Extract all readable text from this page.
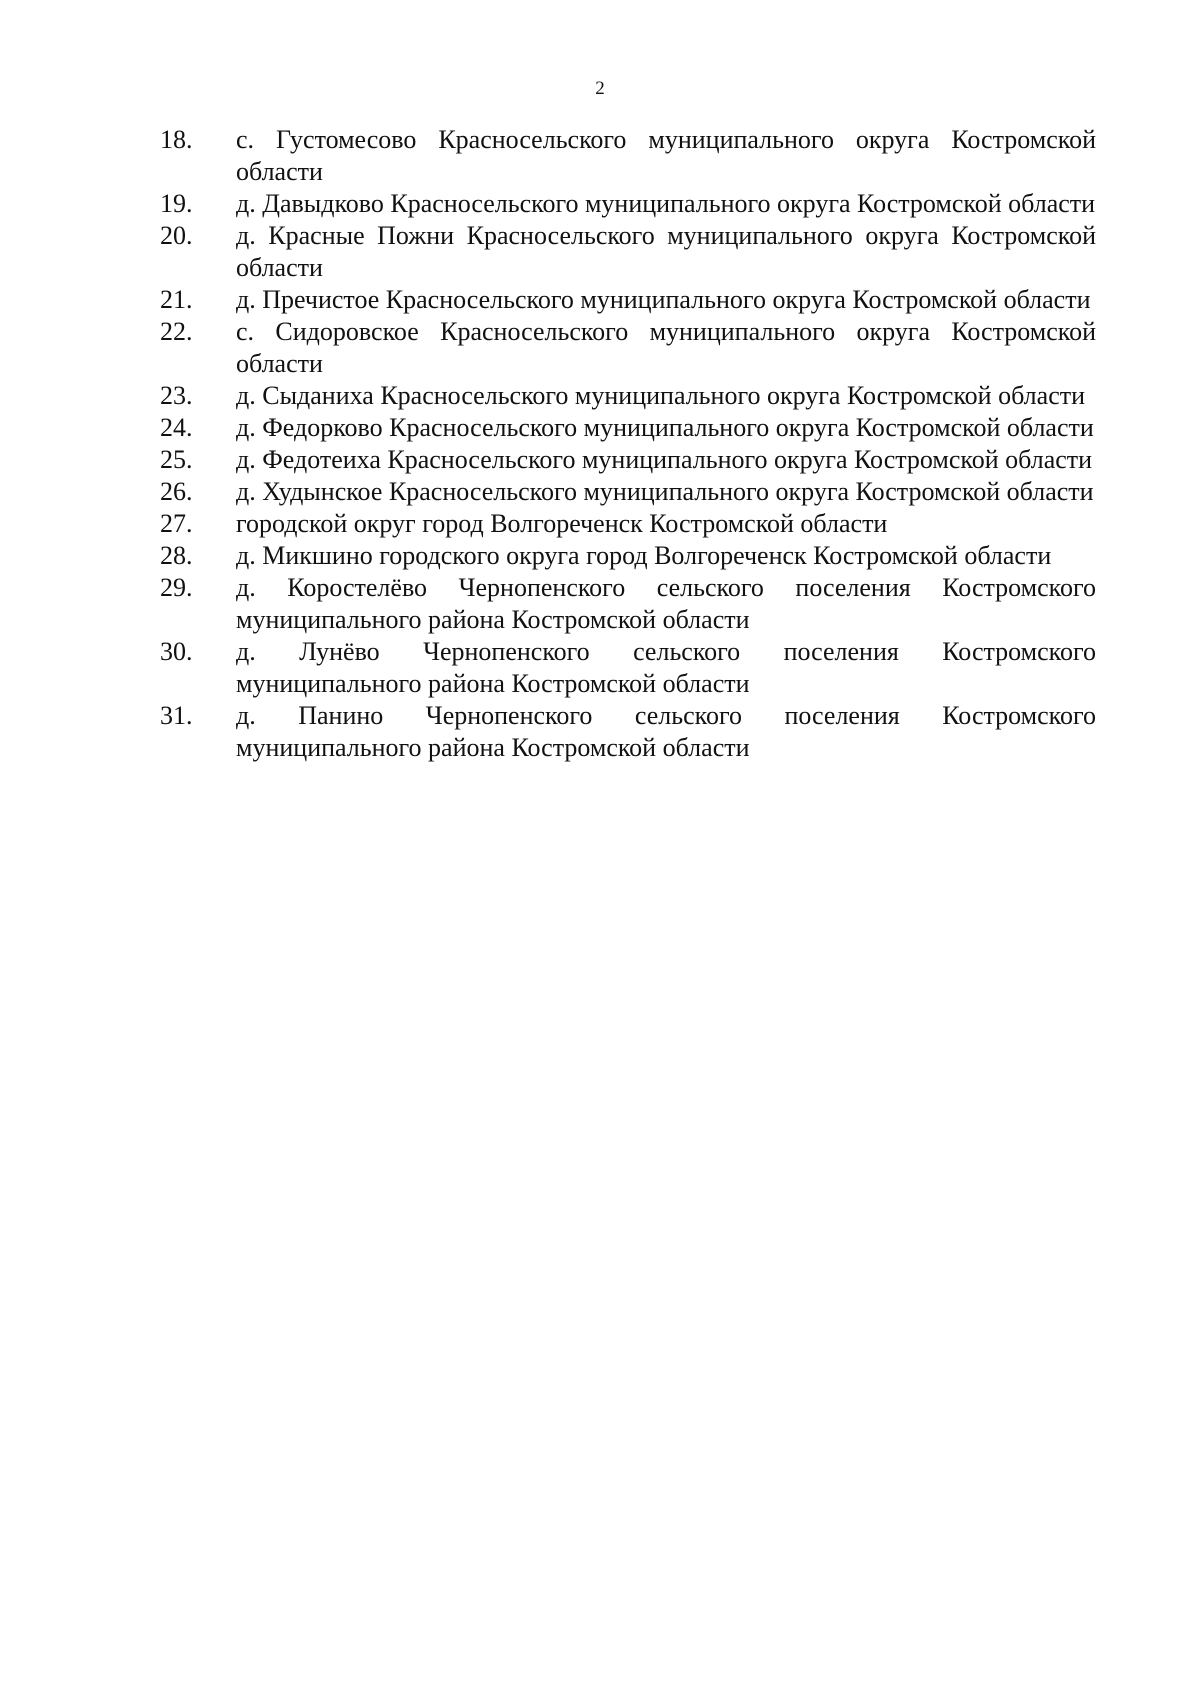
2
18.	с. Густомесово Красносельского муниципального округа Костромской области
19.	д. Давыдково Красносельского муниципального округа Костромской области
20.	д. Красные Пожни Красносельского муниципального округа Костромской области
21.	д. Пречистое Красносельского муниципального округа Костромской области
22.	с. Сидоровское Красносельского муниципального округа Костромской области
23.	д. Сыданиха Красносельского муниципального округа Костромской области
24.	д. Федорково Красносельского муниципального округа Костромской области
25.	д. Федотеиха Красносельского муниципального округа Костромской области
26.	д. Худынское Красносельского муниципального округа Костромской области
27.	городской округ город Волгореченск Костромской области
28.	д. Микшино городского округа город Волгореченск Костромской области
29.	д. Коростелёво Чернопенского сельского поселения Костромского муниципального района Костромской области
30.	д. Лунёво Чернопенского сельского поселения Костромского муниципального района Костромской области
31.	д. Панино Чернопенского сельского поселения Костромского муниципального района Костромской области
